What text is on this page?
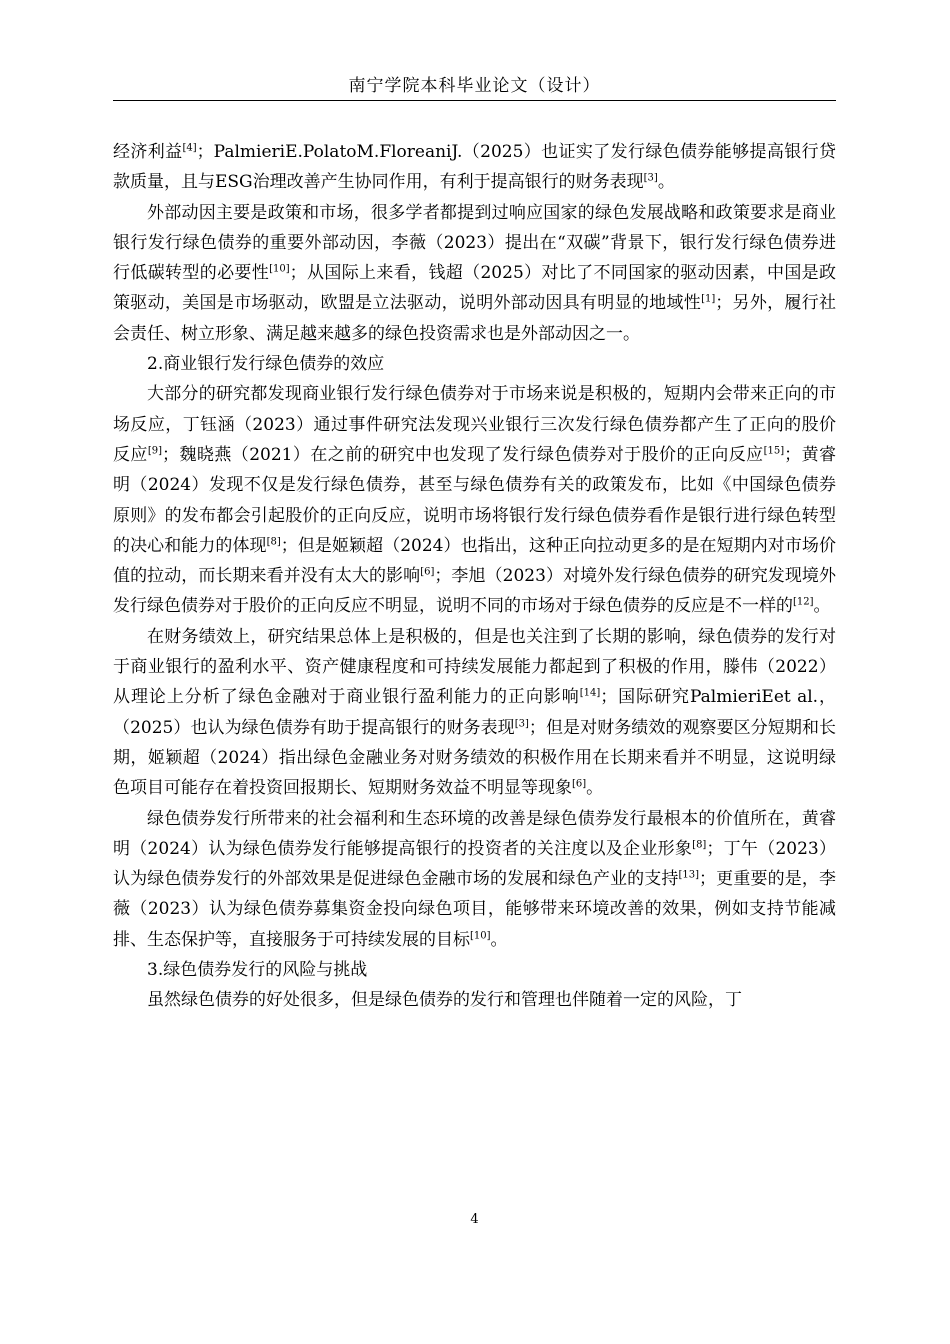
南宁学院本科毕业论文（设计）

经济利益[4]；PalmieriE.PolatoM.FloreaniJ.（2025）也证实了发行绿色债券能够提高银行贷款质量，且与ESG治理改善产生协同作用，有利于提高银行的财务表现[3]。

外部动因主要是政策和市场，很多学者都提到过响应国家的绿色发展战略和政策要求是商业银行发行绿色债券的重要外部动因，李薇（2023）提出在“双碳”背景下，银行发行绿色债券进行低碳转型的必要性[10]；从国际上来看，钱超（2025）对比了不同国家的驱动因素，中国是政策驱动，美国是市场驱动，欧盟是立法驱动，说明外部动因具有明显的地域性[1]；另外，履行社会责任、树立形象、满足越来越多的绿色投资需求也是外部动因之一。

2.商业银行发行绿色债券的效应

大部分的研究都发现商业银行发行绿色债券对于市场来说是积极的，短期内会带来正向的市场反应，丁钰涵（2023）通过事件研究法发现兴业银行三次发行绿色债券都产生了正向的股价反应[9]；魏晓燕（2021）在之前的研究中也发现了发行绿色债券对于股价的正向反应[15]；黄睿明（2024）发现不仅是发行绿色债券，甚至与绿色债券有关的政策发布，比如《中国绿色债券原则》的发布都会引起股价的正向反应，说明市场将银行发行绿色债券看作是银行进行绿色转型的决心和能力的体现[8]；但是姬颖超（2024）也指出，这种正向拉动更多的是在短期内对市场价值的拉动，而长期来看并没有太大的影响[6]；李旭（2023）对境外发行绿色债券的研究发现境外发行绿色债券对于股价的正向反应不明显，说明不同的市场对于绿色债券的反应是不一样的[12]。

在财务绩效上，研究结果总体上是积极的，但是也关注到了长期的影响，绿色债券的发行对于商业银行的盈利水平、资产健康程度和可持续发展能力都起到了积极的作用，滕伟（2022）从理论上分析了绿色金融对于商业银行盈利能力的正向影响[14]；国际研究PalmieriEet al.，（2025）也认为绿色债券有助于提高银行的财务表现[3]；但是对财务绩效的观察要区分短期和长期，姬颖超（2024）指出绿色金融业务对财务绩效的积极作用在长期来看并不明显，这说明绿色项目可能存在着投资回报期长、短期财务效益不明显等现象[6]。

绿色债券发行所带来的社会福利和生态环境的改善是绿色债券发行最根本的价值所在，黄睿明（2024）认为绿色债券发行能够提高银行的投资者的关注度以及企业形象[8]；丁午（2023）认为绿色债券发行的外部效果是促进绿色金融市场的发展和绿色产业的支持[13]；更重要的是，李薇（2023）认为绿色债券募集资金投向绿色项目，能够带来环境改善的效果，例如支持节能减排、生态保护等，直接服务于可持续发展的目标[10]。

3.绿色债券发行的风险与挑战

虽然绿色债券的好处很多，但是绿色债券的发行和管理也伴随着一定的风险，丁

4
